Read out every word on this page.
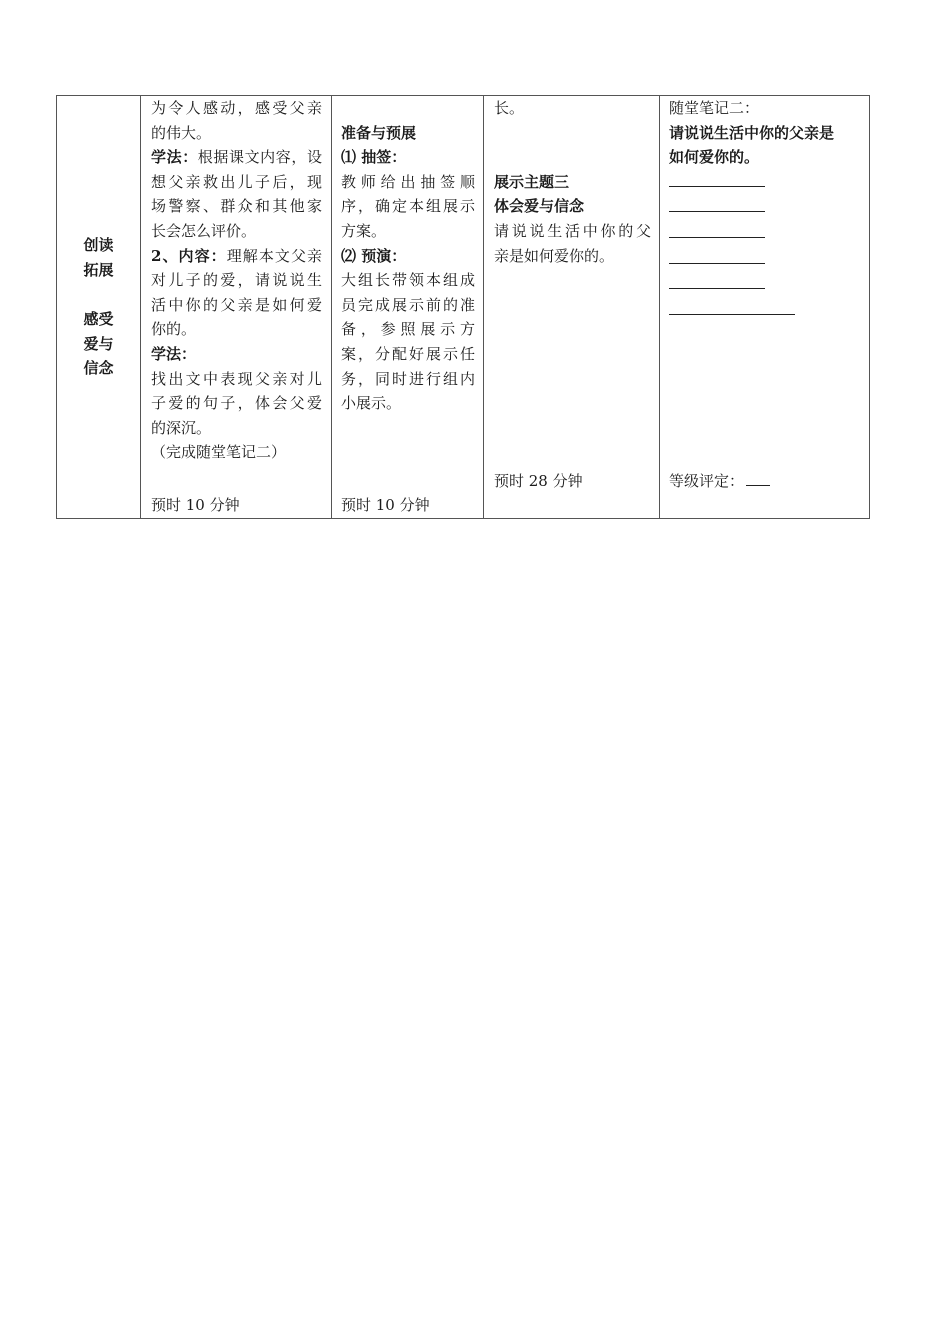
创读
拓展
感受
爱与
信念

为令人感动，感受父亲
的伟大。
学法：根据课文内容，设
想父亲救出儿子后，现
场警察、群众和其他家
长会怎么评价。
2、内容：理解本文父亲
对儿子的爱，请说说生
活中你的父亲是如何爱
你的。
学法：
找出文中表现父亲对儿
子爱的句子，体会父爱
的深沉。
（完成随堂笔记二）
预时 10 分钟

准备与预展
⑴ 抽签：
教师给出抽签顺
序，确定本组展示
方案。
⑵ 预演：
大组长带领本组成
员完成展示前的准
备，参照展示方
案，分配好展示任
务，同时进行组内
小展示。
预时 10 分钟

长。
展示主题三
体会爱与信念
请说说生活中你的父
亲是如何爱你的。
预时 28 分钟

随堂笔记二：
请说说生活中你的父亲是
如何爱你的。
等级评定：
